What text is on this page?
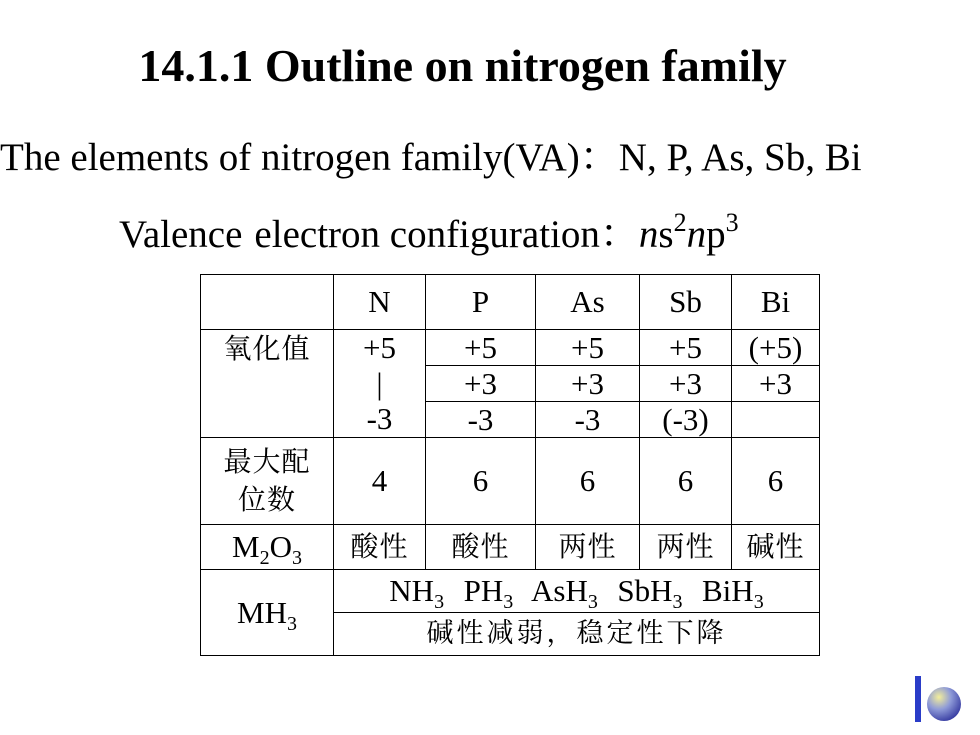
14.1.1 Outline on nitrogen family
The elements of nitrogen family(VA)：N, P, As, Sb, Bi
Valence electron configuration：$ns^2np^3$
	N	P	As	Sb	Bi
氧化值	+5	+5	+5	+5	(+5)
	|	+3	+3	+3	+3
	-3	-3	-3	(-3)	
最大配
位数	4	6	6	6	6
$M_2O_3$	酸性	酸性	两性	两性	碱性
$MH_3$	$NH_3$ $PH_3$ AsH$_3$ SbH$_3$ BiH$_3$
	碱性减弱，稳定性下降				
